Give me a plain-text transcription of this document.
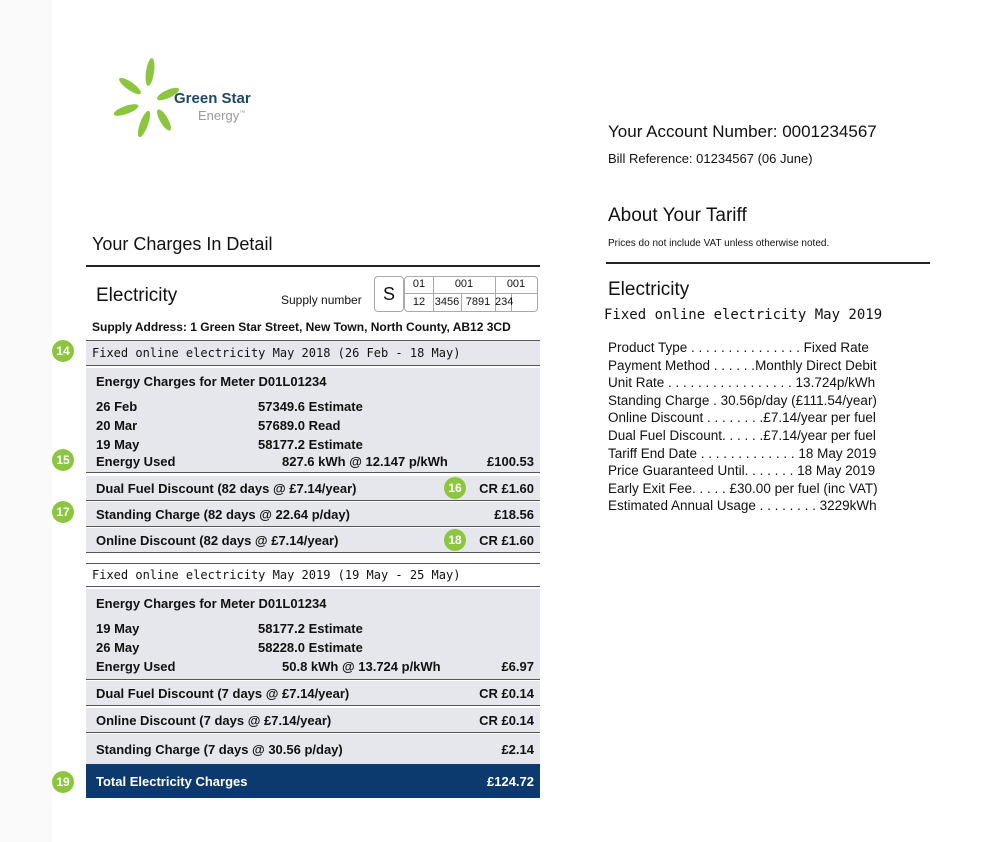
Green Star
Energy™
Your Account Number: 0001234567
Bill Reference: 01234567 (06 June)
About Your Tariff
Prices do not include VAT unless otherwise noted.
Electricity
Fixed online electricity May 2019
Product Type . . . . . . . . . . . . . . . Fixed Rate
Payment Method . . . . . .Monthly Direct Debit
Unit Rate . . . . . . . . . . . . . . . . . 13.724p/kWh
Standing Charge . 30.56p/day (£111.54/year)
Online Discount . . . . . . . .£7.14/year per fuel
Dual Fuel Discount. . . . . .£7.14/year per fuel
Tariff End Date . . . . . . . . . . . . . 18 May 2019
Price Guaranteed Until. . . . . . . 18 May 2019
Early Exit Fee. . . . . £30.00 per fuel (inc VAT)
Estimated Annual Usage . . . . . . . . 3229kWh
Your Charges In Detail
Electricity	Supply number	S	01	001	001
12 3456 7891 234
Supply Address: 1 Green Star Street, New Town, North County, AB12 3CD
Fixed online electricity May 2018 (26 Feb - 18 May)
Energy Charges for Meter D01L01234
26 Feb	57349.6 Estimate
20 Mar	57689.0 Read
19 May	58177.2 Estimate
Energy Used	827.6 kWh @ 12.147 p/kWh	£100.53
Dual Fuel Discount (82 days @ £7.14/year)	CR £1.60
Standing Charge (82 days @ 22.64 p/day)	£18.56
Online Discount (82 days @ £7.14/year)	CR £1.60
Fixed online electricity May 2019 (19 May - 25 May)
Energy Charges for Meter D01L01234
19 May	58177.2 Estimate
26 May	58228.0 Estimate
Energy Used	50.8 kWh @ 13.724 p/kWh	£6.97
Dual Fuel Discount (7 days @ £7.14/year)	CR £0.14
Online Discount (7 days @ £7.14/year)	CR £0.14
Standing Charge (7 days @ 30.56 p/day)	£2.14
Total Electricity Charges	£124.72
14
15
16
17
18
19
